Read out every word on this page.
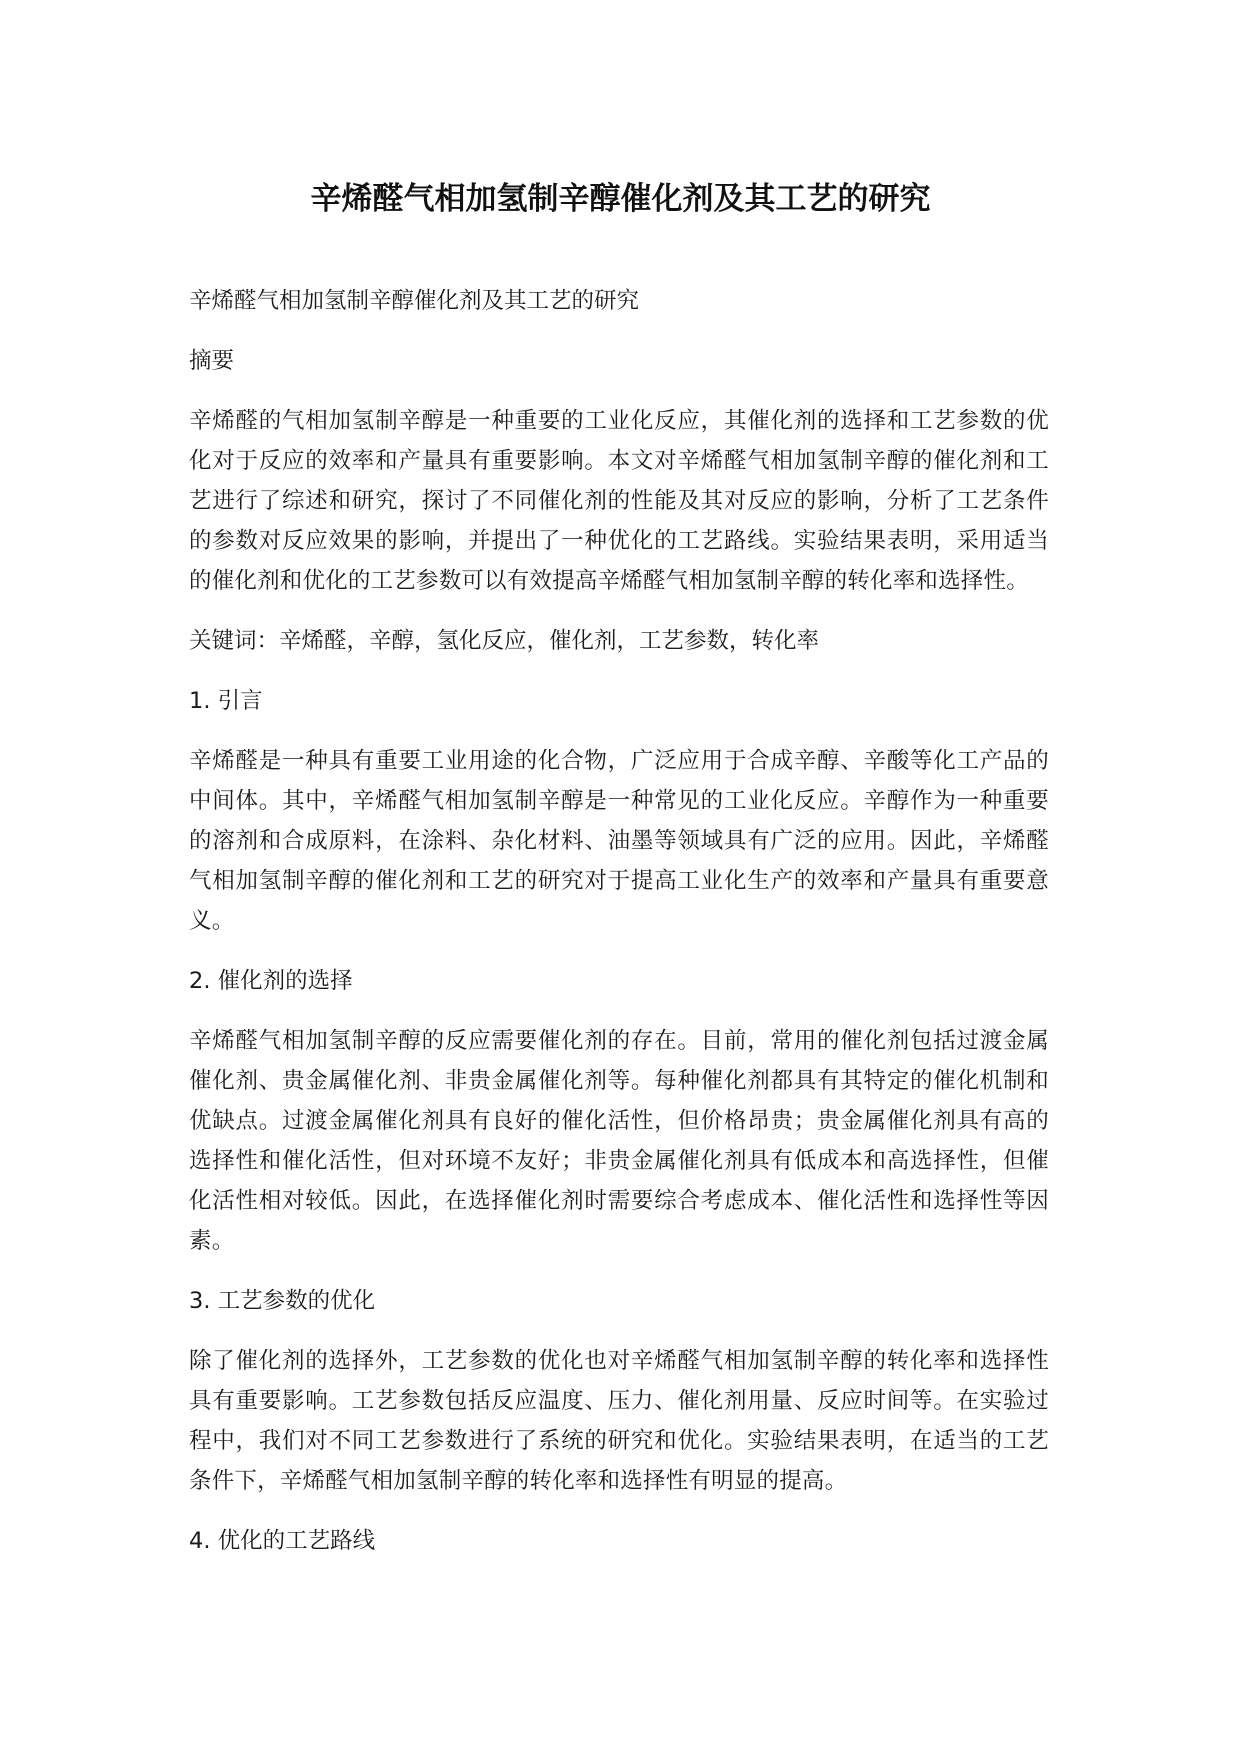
辛烯醛气相加氢制辛醇催化剂及其工艺的研究

辛烯醛气相加氢制辛醇催化剂及其工艺的研究

摘要

辛烯醛的气相加氢制辛醇是一种重要的工业化反应，其催化剂的选择和工艺参数的优化对于反应的效率和产量具有重要影响。本文对辛烯醛气相加氢制辛醇的催化剂和工艺进行了综述和研究，探讨了不同催化剂的性能及其对反应的影响，分析了工艺条件的参数对反应效果的影响，并提出了一种优化的工艺路线。实验结果表明，采用适当的催化剂和优化的工艺参数可以有效提高辛烯醛气相加氢制辛醇的转化率和选择性。

关键词：辛烯醛，辛醇，氢化反应，催化剂，工艺参数，转化率

1. 引言

辛烯醛是一种具有重要工业用途的化合物，广泛应用于合成辛醇、辛酸等化工产品的中间体。其中，辛烯醛气相加氢制辛醇是一种常见的工业化反应。辛醇作为一种重要的溶剂和合成原料，在涂料、杂化材料、油墨等领域具有广泛的应用。因此，辛烯醛气相加氢制辛醇的催化剂和工艺的研究对于提高工业化生产的效率和产量具有重要意义。

2. 催化剂的选择

辛烯醛气相加氢制辛醇的反应需要催化剂的存在。目前，常用的催化剂包括过渡金属催化剂、贵金属催化剂、非贵金属催化剂等。每种催化剂都具有其特定的催化机制和优缺点。过渡金属催化剂具有良好的催化活性，但价格昂贵；贵金属催化剂具有高的选择性和催化活性，但对环境不友好；非贵金属催化剂具有低成本和高选择性，但催化活性相对较低。因此，在选择催化剂时需要综合考虑成本、催化活性和选择性等因素。

3. 工艺参数的优化

除了催化剂的选择外，工艺参数的优化也对辛烯醛气相加氢制辛醇的转化率和选择性具有重要影响。工艺参数包括反应温度、压力、催化剂用量、反应时间等。在实验过程中，我们对不同工艺参数进行了系统的研究和优化。实验结果表明，在适当的工艺条件下，辛烯醛气相加氢制辛醇的转化率和选择性有明显的提高。

4. 优化的工艺路线
